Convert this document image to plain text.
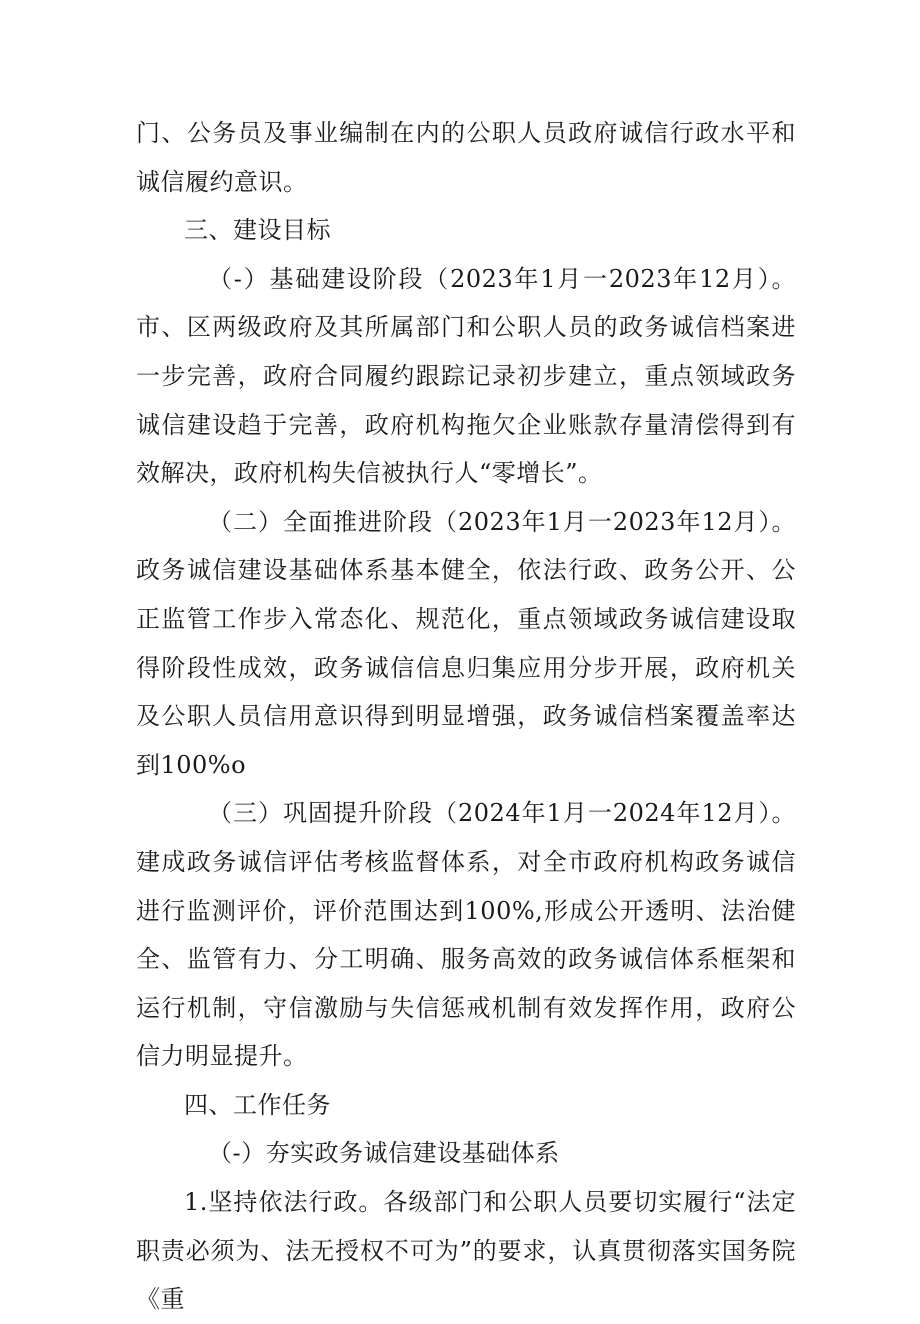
门、公务员及事业编制在内的公职人员政府诚信行政水平和诚信履约意识。

三、建设目标

（-）基础建设阶段（2023年1月一2023年12月）。市、区两级政府及其所属部门和公职人员的政务诚信档案进一步完善，政府合同履约跟踪记录初步建立，重点领域政务诚信建设趋于完善，政府机构拖欠企业账款存量清偿得到有效解决，政府机构失信被执行人“零增长”。

（二）全面推进阶段（2023年1月一2023年12月）。政务诚信建设基础体系基本健全，依法行政、政务公开、公正监管工作步入常态化、规范化，重点领域政务诚信建设取得阶段性成效，政务诚信信息归集应用分步开展，政府机关及公职人员信用意识得到明显增强，政务诚信档案覆盖率达到100%o

（三）巩固提升阶段（2024年1月一2024年12月）。建成政务诚信评估考核监督体系，对全市政府机构政务诚信进行监测评价，评价范围达到100%,形成公开透明、法治健全、监管有力、分工明确、服务高效的政务诚信体系框架和运行机制，守信激励与失信惩戒机制有效发挥作用，政府公信力明显提升。

四、工作任务

（-）夯实政务诚信建设基础体系

1.坚持依法行政。各级部门和公职人员要切实履行“法定职责必须为、法无授权不可为”的要求，认真贯彻落实国务院《重
